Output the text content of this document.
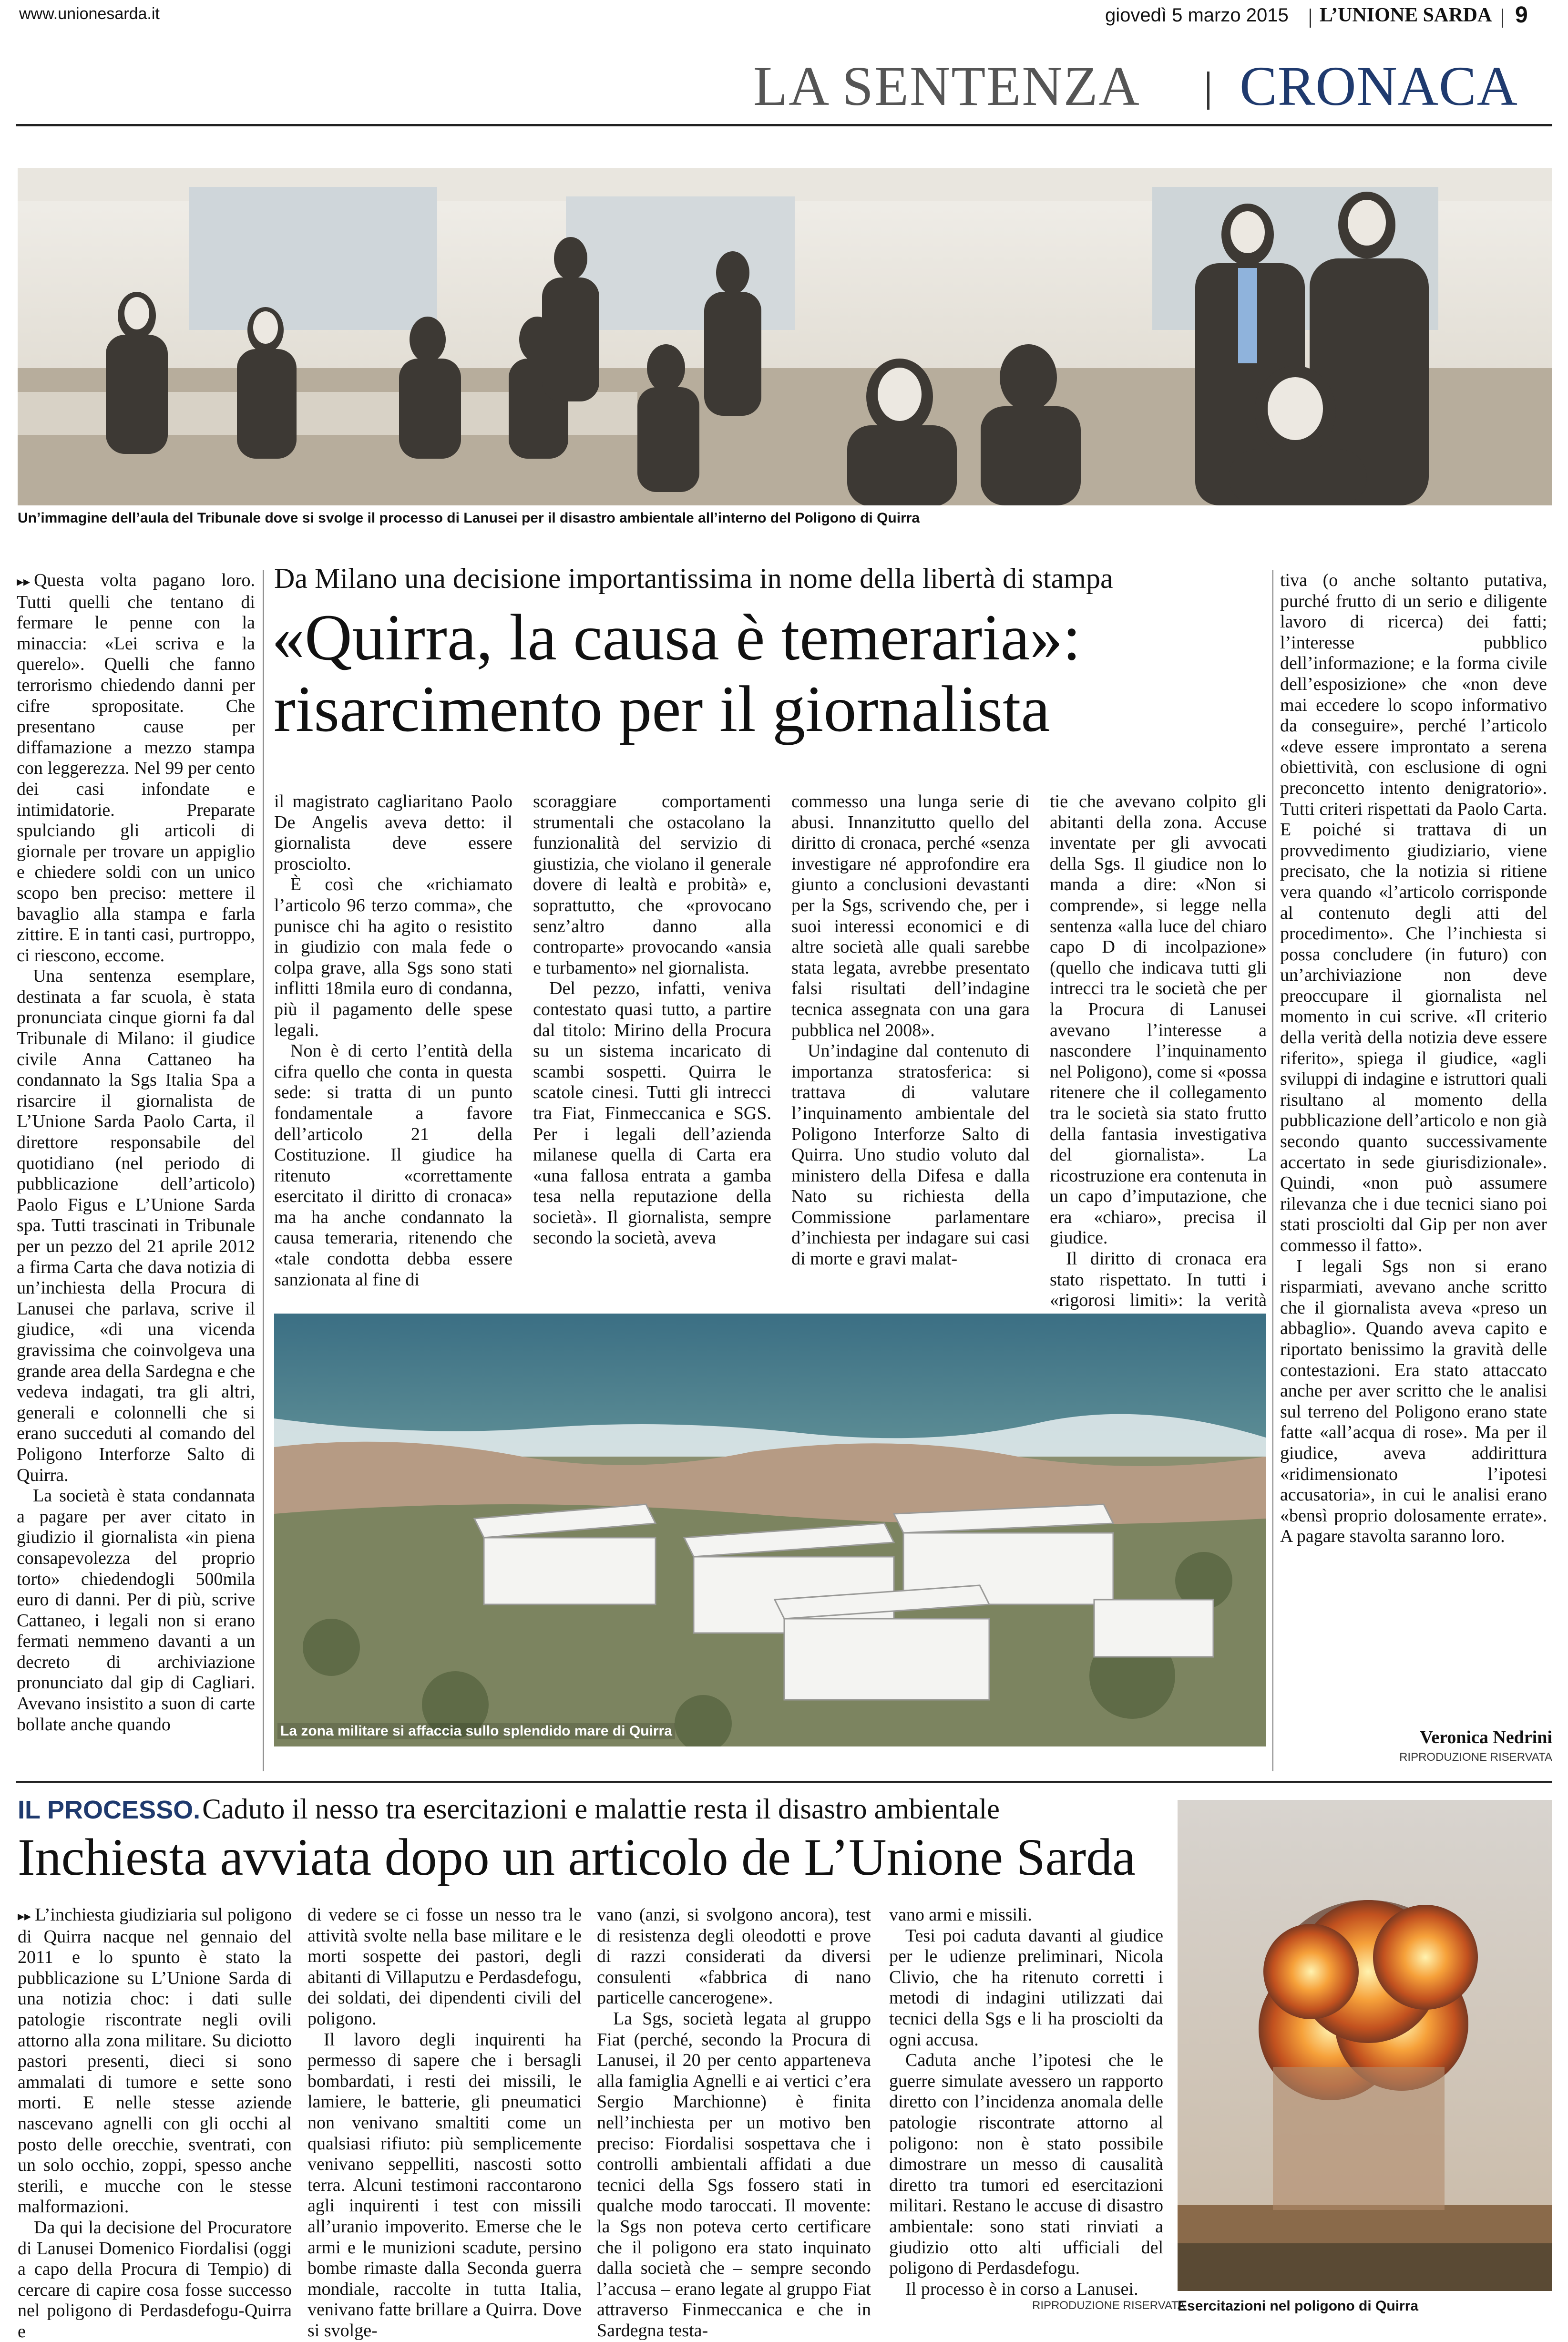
www.unionesarda.it	giovedì 5 marzo 2015 L’UNIONE SARDA 9
LA SENTENZA CRONACA
Un’immagine dell’aula del Tribunale dove si svolge il processo di Lanusei per il disastro ambientale all’interno del Poligono di Quirra
Da Milano una decisione importantissima in nome della libertà di stampa
«Quirra, la causa è temeraria»:
risarcimento per il giornalista

▸▸ Questa volta pagano loro. Tutti quelli che tentano di fermare le penne con la minaccia: «Lei scriva e la querelo». Quelli che fanno terrorismo chiedendo danni per cifre spropositate. Che presentano cause per diffamazione a mezzo stampa con leggerezza. Nel 99 per cento dei casi infondate e intimidatorie. Preparate spulciando gli articoli di giornale per trovare un appiglio e chiedere soldi con un unico scopo ben preciso: mettere il bavaglio alla stampa e farla zittire. E in tanti casi, purtroppo, ci riescono, eccome.

Una sentenza esemplare, destinata a far scuola, è stata pronunciata cinque giorni fa dal Tribunale di Milano: il giudice civile Anna Cattaneo ha condannato la Sgs Italia Spa a risarcire il giornalista de L’Unione Sarda Paolo Carta, il direttore responsabile del quotidiano (nel periodo di pubblicazione dell’articolo) Paolo Figus e L’Unione Sarda spa. Tutti trascinati in Tribunale per un pezzo del 21 aprile 2012 a firma Carta che dava notizia di un’inchiesta della Procura di Lanusei che parlava, scrive il giudice, «di una vicenda gravissima che coinvolgeva una grande area della Sardegna e che vedeva indagati, tra gli altri, generali e colonnelli che si erano succeduti al comando del Poligono Interforze Salto di Quirra.

La società è stata condannata a pagare per aver citato in giudizio il giornalista «in piena consapevolezza del proprio torto» chiedendogli 500mila euro di danni. Per di più, scrive Cattaneo, i legali non si erano fermati nemmeno davanti a un decreto di archiviazione pronunciato dal gip di Cagliari. Avevano insistito a suon di carte bollate anche quando

il magistrato cagliaritano Paolo De Angelis aveva detto: il giornalista deve essere prosciolto.

È così che «richiamato l’articolo 96 terzo comma», che punisce chi ha agito o resistito in giudizio con mala fede o colpa grave, alla Sgs sono stati inflitti 18mila euro di condanna, più il pagamento delle spese legali.

Non è di certo l’entità della cifra quello che conta in questa sede: si tratta di un punto fondamentale a favore dell’articolo 21 della Costituzione. Il giudice ha ritenuto «correttamente esercitato il diritto di cronaca» ma ha anche condannato la causa temeraria, ritenendo che «tale condotta debba essere sanzionata al fine di

scoraggiare comportamenti strumentali che ostacolano la funzionalità del servizio di giustizia, che violano il generale dovere di lealtà e probità» e, soprattutto, che «provocano senz’altro danno alla controparte» provocando «ansia e turbamento» nel giornalista.

Del pezzo, infatti, veniva contestato quasi tutto, a partire dal titolo: Mirino della Procura su un sistema incaricato di scambi sospetti. Quirra le scatole cinesi. Tutti gli intrecci tra Fiat, Finmeccanica e SGS. Per i legali dell’azienda milanese quella di Carta era «una fallosa entrata a gamba tesa nella reputazione della società». Il giornalista, sempre secondo la società, aveva

commesso una lunga serie di abusi. Innanzitutto quello del diritto di cronaca, perché «senza investigare né approfondire era giunto a conclusioni devastanti per la Sgs, scrivendo che, per i suoi interessi economici e di altre società alle quali sarebbe stata legata, avrebbe presentato falsi risultati dell’indagine tecnica assegnata con una gara pubblica nel 2008».

Un’indagine dal contenuto di importanza stratosferica: si trattava di valutare l’inquinamento ambientale del Poligono Interforze Salto di Quirra. Uno studio voluto dal ministero della Difesa e dalla Nato su richiesta della Commissione parlamentare d’inchiesta per indagare sui casi di morte e gravi malat-

tie che avevano colpito gli abitanti della zona. Accuse inventate per gli avvocati della Sgs. Il giudice non lo manda a dire: «Non si comprende», si legge nella sentenza «alla luce del chiaro capo D di incolpazione» (quello che indicava tutti gli intrecci tra le società che per la Procura di Lanusei avevano l’interesse a nascondere l’inquinamento nel Poligono), come si «possa ritenere che il collegamento tra le società sia stato frutto della fantasia investigativa del giornalista». La ricostruzione era contenuta in un capo d’imputazione, che era «chiaro», precisa il giudice.

Il diritto di cronaca era stato rispettato. In tutti i «rigorosi limiti»: la verità

tiva (o anche soltanto putativa, purché frutto di un serio e diligente lavoro di ricerca) dei fatti; l’interesse pubblico dell’informazione; e la forma civile dell’esposizione» che «non deve mai eccedere lo scopo informativo da conseguire», perché l’articolo «deve essere improntato a serena obiettività, con esclusione di ogni preconcetto intento denigratorio». Tutti criteri rispettati da Paolo Carta. E poiché si trattava di un provvedimento giudiziario, viene precisato, che la notizia si ritiene vera quando «l’articolo corrisponde al contenuto degli atti del procedimento». Che l’inchiesta si possa concludere (in futuro) con un’archiviazione non deve preoccupare il giornalista nel momento in cui scrive. «Il criterio della verità della notizia deve essere riferito», spiega il giudice, «agli sviluppi di indagine e istruttori quali risultano al momento della pubblicazione dell’articolo e non già secondo quanto successivamente accertato in sede giurisdizionale». Quindi, «non può assumere rilevanza che i due tecnici siano poi stati prosciolti dal Gip per non aver commesso il fatto».

I legali Sgs non si erano risparmiati, avevano anche scritto che il giornalista aveva «preso un abbaglio». Quando aveva capito e riportato benissimo la gravità delle contestazioni. Era stato attaccato anche per aver scritto che le analisi sul terreno del Poligono erano state fatte «all’acqua di rose». Ma per il giudice, aveva addirittura «ridimensionato l’ipotesi accusatoria», in cui le analisi erano «bensì proprio dolosamente errate». A pagare stavolta saranno loro.

Veronica Nedrini
RIPRODUZIONE RISERVATA
La zona militare si affaccia sullo splendido mare di Quirra
IL PROCESSO. Caduto il nesso tra esercitazioni e malattie resta il disastro ambientale
Inchiesta avviata dopo un articolo de L’Unione Sarda

▸▸ L’inchiesta giudiziaria sul poligono di Quirra nacque nel gennaio del 2011 e lo spunto è stato la pubblicazione su L’Unione Sarda di una notizia choc: i dati sulle patologie riscontrate negli ovili attorno alla zona militare. Su diciotto pastori presenti, dieci si sono ammalati di tumore e sette sono morti. E nelle stesse aziende nascevano agnelli con gli occhi al posto delle orecchie, sventrati, con un solo occhio, zoppi, spesso anche sterili, e mucche con le stesse malformazioni.

Da qui la decisione del Procuratore di Lanusei Domenico Fiordalisi (oggi a capo della Procura di Tempio) di cercare di capire cosa fosse successo nel poligono di Perdasdefogu-Quirra e

di vedere se ci fosse un nesso tra le attività svolte nella base militare e le morti sospette dei pastori, degli abitanti di Villaputzu e Perdasdefogu, dei soldati, dei dipendenti civili del poligono.

Il lavoro degli inquirenti ha permesso di sapere che i bersagli bombardati, i resti dei missili, le lamiere, le batterie, gli pneumatici non venivano smaltiti come un qualsiasi rifiuto: più semplicemente venivano seppelliti, nascosti sotto terra. Alcuni testimoni raccontarono agli inquirenti i test con missili all’uranio impoverito. Emerse che le armi e le munizioni scadute, persino bombe rimaste dalla Seconda guerra mondiale, raccolte in tutta Italia, venivano fatte brillare a Quirra. Dove si svolge-

vano (anzi, si svolgono ancora), test di resistenza degli oleodotti e prove di razzi considerati da diversi consulenti «fabbrica di nano particelle cancerogene».

La Sgs, società legata al gruppo Fiat (perché, secondo la Procura di Lanusei, il 20 per cento apparteneva alla famiglia Agnelli e ai vertici c’era Sergio Marchionne) è finita nell’inchiesta per un motivo ben preciso: Fiordalisi sospettava che i controlli ambientali affidati a due tecnici della Sgs fossero stati in qualche modo taroccati. Il movente: la Sgs non poteva certo certificare che il poligono era stato inquinato dalla società che – sempre secondo l’accusa – erano legate al gruppo Fiat attraverso Finmeccanica e che in Sardegna testa-

vano armi e missili.

Tesi poi caduta davanti al giudice per le udienze preliminari, Nicola Clivio, che ha ritenuto corretti i metodi di indagini utilizzati dai tecnici della Sgs e li ha prosciolti da ogni accusa.

Caduta anche l’ipotesi che le guerre simulate avessero un rapporto diretto con l’incidenza anomala delle patologie riscontrate attorno al poligono: non è stato possibile dimostrare un messo di causalità diretto tra tumori ed esercitazioni militari. Restano le accuse di disastro ambientale: sono stati rinviati a giudizio otto alti ufficiali del poligono di Perdasdefogu.

Il processo è in corso a Lanusei.

RIPRODUZIONE RISERVATA
Esercitazioni nel poligono di Quirra
